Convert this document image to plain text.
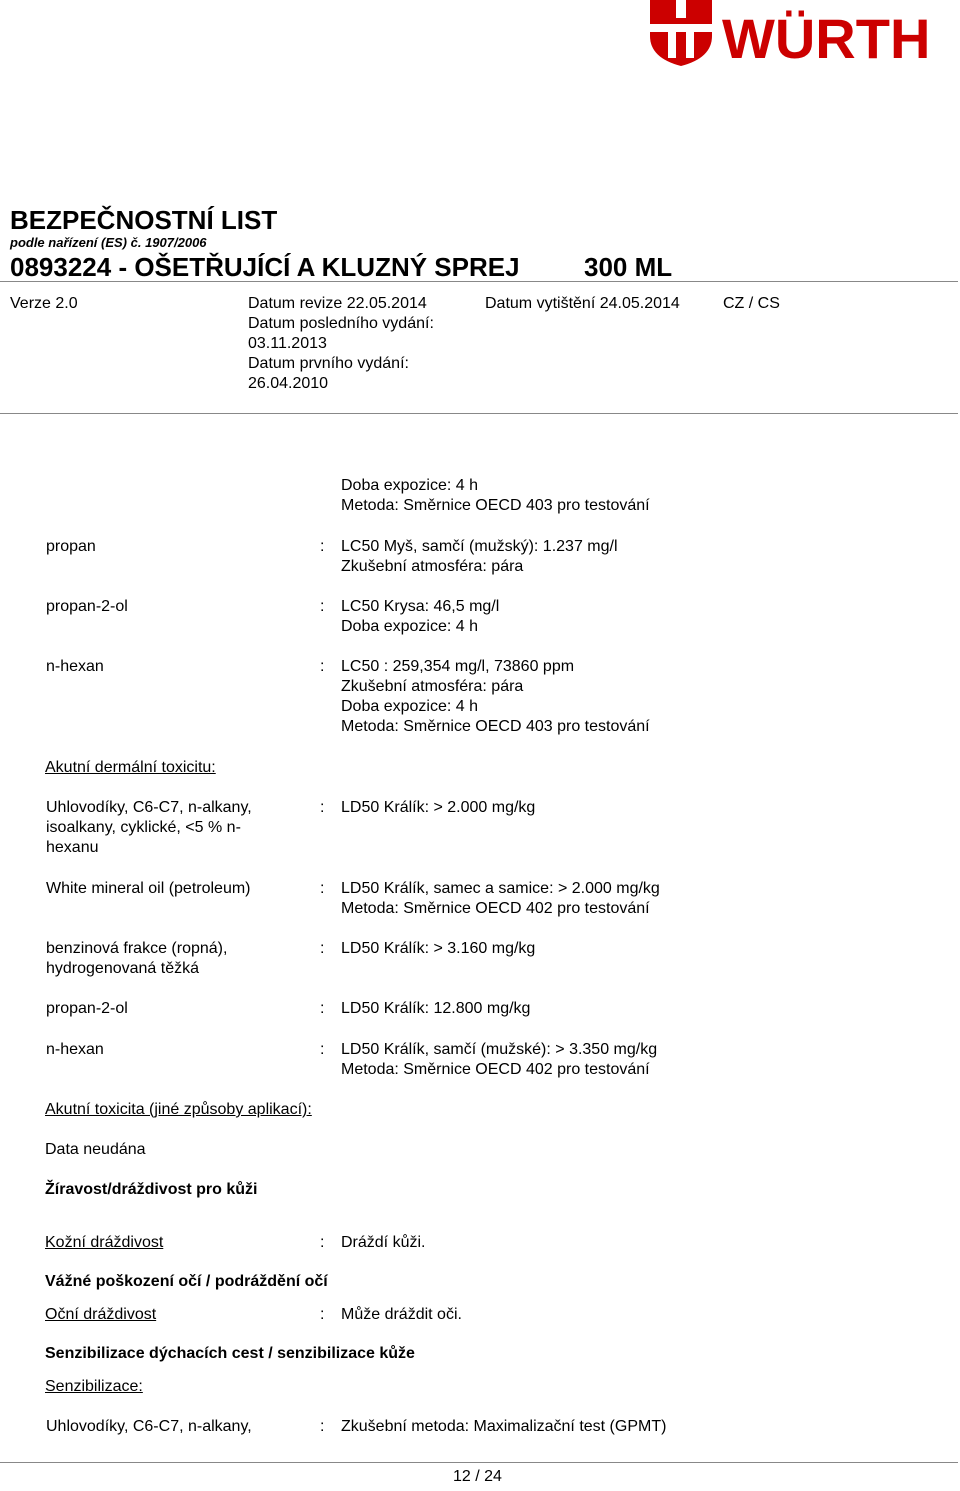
WÜRTH
BEZPEČNOSTNÍ LIST
podle nařízení (ES) č. 1907/2006
0893224 - OŠETŘUJÍCÍ A KLUZNÝ SPREJ 300 ML
Verze 2.0	Datum revize 22.05.2014
Datum posledního vydání:
03.11.2013
Datum prvního vydání:
26.04.2010
Datum vytištění 24.05.2014	CZ / CS
Doba expozice: 4 h
Metoda: Směrnice OECD 403 pro testování
propan	: LC50 Myš, samčí (mužský): 1.237 mg/l
Zkušební atmosféra: pára
propan-2-ol	: LC50 Krysa: 46,5 mg/l
Doba expozice: 4 h
n-hexan	: LC50 : 259,354 mg/l, 73860 ppm
Zkušební atmosféra: pára
Doba expozice: 4 h
Metoda: Směrnice OECD 403 pro testování
Akutní dermální toxicitu:
Uhlovodíky, C6-C7, n-alkany,
isoalkany, cyklické, <5 % n-
hexanu
: LD50 Králík: > 2.000 mg/kg
White mineral oil (petroleum)	: LD50 Králík, samec a samice: > 2.000 mg/kg
Metoda: Směrnice OECD 402 pro testování
benzinová frakce (ropná),
hydrogenovaná těžká
: LD50 Králík: > 3.160 mg/kg
propan-2-ol	: LD50 Králík: 12.800 mg/kg
n-hexan	: LD50 Králík, samčí (mužské): > 3.350 mg/kg
Metoda: Směrnice OECD 402 pro testování
Akutní toxicita (jiné způsoby aplikací):
Data neudána
Žíravost/dráždivost pro kůži
Kožní dráždivost	: Dráždí kůži.
Vážné poškození očí / podráždění očí
Oční dráždivost	: Může dráždit oči.
Senzibilizace dýchacích cest / senzibilizace kůže
Senzibilizace:
Uhlovodíky, C6-C7, n-alkany,	: Zkušební metoda: Maximalizační test (GPMT)
12 / 24
